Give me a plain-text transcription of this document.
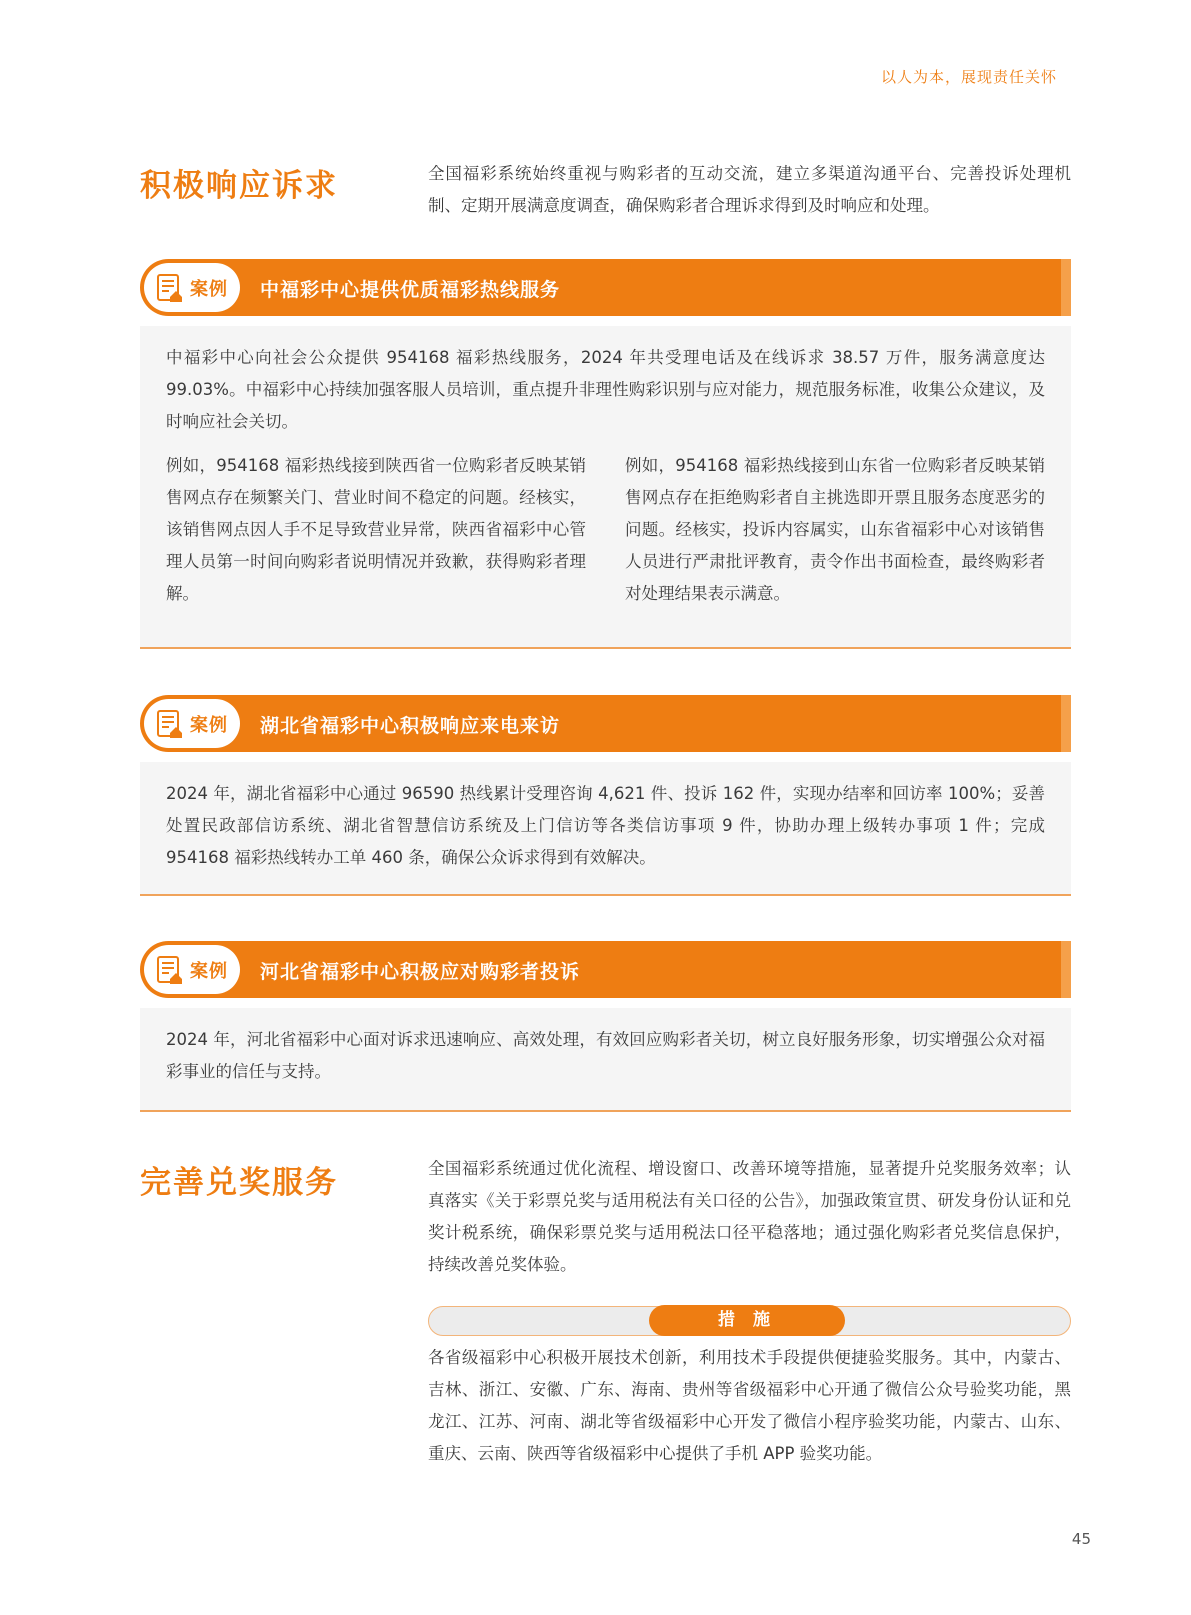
以人为本，展现责任关怀
积极响应诉求	全国福彩系统始终重视与购彩者的互动交流，建立多渠道沟通平台、完善投诉处理机制、定期开展满意度调查，确保购彩者合理诉求得到及时响应和处理。
案例 中福彩中心提供优质福彩热线服务

中福彩中心向社会公众提供 954168 福彩热线服务，2024 年共受理电话及在线诉求 38.57 万件，服务满意度达 99.03%。中福彩中心持续加强客服人员培训，重点提升非理性购彩识别与应对能力，规范服务标准，收集公众建议，及时响应社会关切。

例如，954168 福彩热线接到陕西省一位购彩者反映某销售网点存在频繁关门、营业时间不稳定的问题。经核实，该销售网点因人手不足导致营业异常，陕西省福彩中心管理人员第一时间向购彩者说明情况并致歉，获得购彩者理解。

例如，954168 福彩热线接到山东省一位购彩者反映某销售网点存在拒绝购彩者自主挑选即开票且服务态度恶劣的问题。经核实，投诉内容属实，山东省福彩中心对该销售人员进行严肃批评教育，责令作出书面检查，最终购彩者对处理结果表示满意。

案例 湖北省福彩中心积极响应来电来访

2024 年，湖北省福彩中心通过 96590 热线累计受理咨询 4,621 件、投诉 162 件，实现办结率和回访率 100%；妥善处置民政部信访系统、湖北省智慧信访系统及上门信访等各类信访事项 9 件，协助办理上级转办事项 1 件；完成 954168 福彩热线转办工单 460 条，确保公众诉求得到有效解决。

案例 河北省福彩中心积极应对购彩者投诉

2024 年，河北省福彩中心面对诉求迅速响应、高效处理，有效回应购彩者关切，树立良好服务形象，切实增强公众对福彩事业的信任与支持。

完善兑奖服务	全国福彩系统通过优化流程、增设窗口、改善环境等措施，显著提升兑奖服务效率；认真落实《关于彩票兑奖与适用税法有关口径的公告》，加强政策宣贯、研发身份认证和兑奖计税系统，确保彩票兑奖与适用税法口径平稳落地；通过强化购彩者兑奖信息保护，持续改善兑奖体验。
措 施
各省级福彩中心积极开展技术创新，利用技术手段提供便捷验奖服务。其中，内蒙古、吉林、浙江、安徽、广东、海南、贵州等省级福彩中心开通了微信公众号验奖功能，黑龙江、江苏、河南、湖北等省级福彩中心开发了微信小程序验奖功能，内蒙古、山东、重庆、云南、陕西等省级福彩中心提供了手机 APP 验奖功能。
45
